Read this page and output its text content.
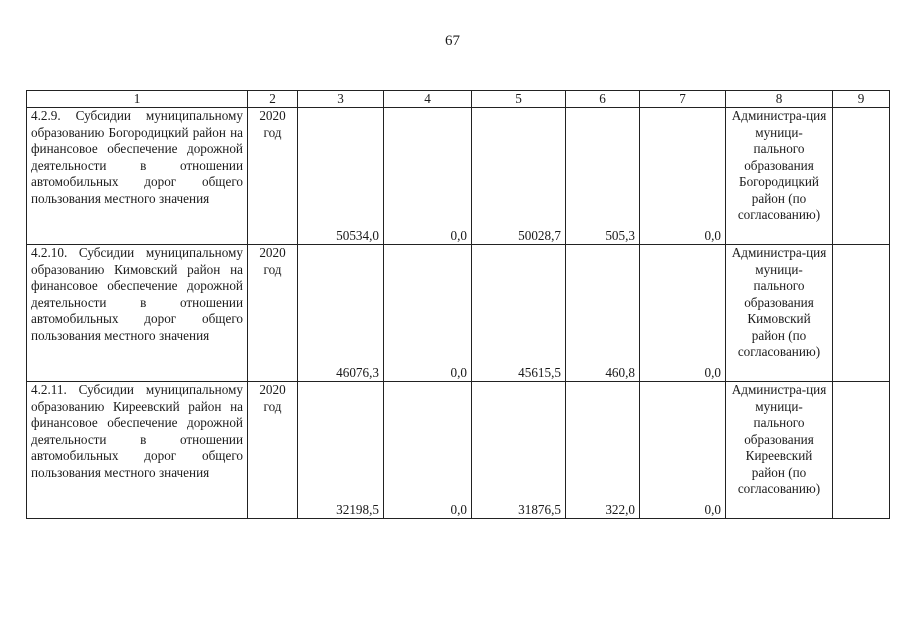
67
1	2	3	4	5	6	7	8	9
4.2.9. Субсидии муниципальному образованию Богородицкий район на финансовое обеспечение дорожной деятельности в отношении автомобильных дорог общего пользования местного значения	2020 год	50534,0	0,0	50028,7	505,3	0,0	Администра-ция муници-пального образования Богородицкий район (по согласованию)	
4.2.10. Субсидии муниципальному образованию Кимовский район на финансовое обеспечение дорожной деятельности в отношении автомобильных дорог общего пользования местного значения	2020 год	46076,3	0,0	45615,5	460,8	0,0	Администра-ция муници-пального образования Кимовский район (по согласованию)	
4.2.11. Субсидии муниципальному образованию Киреевский район на финансовое обеспечение дорожной деятельности в отношении автомобильных дорог общего пользования местного значения	2020 год	32198,5	0,0	31876,5	322,0	0,0	Администра-ция муници-пального образования Киреевский район (по согласованию)	
